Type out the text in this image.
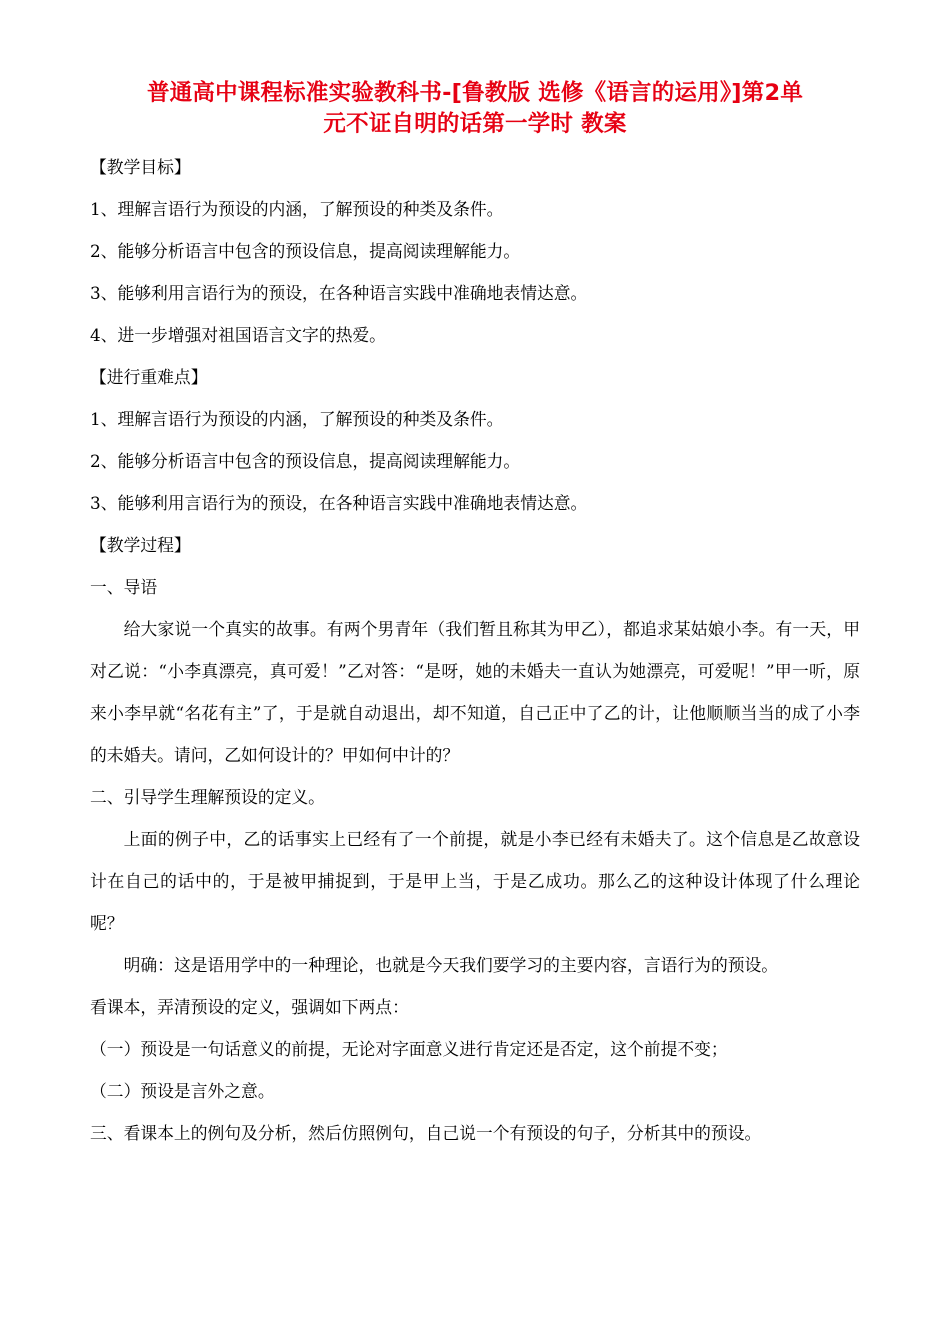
普通高中课程标准实验教科书-[鲁教版 选修《语言的运用》]第2单
元不证自明的话第一学时 教案

【教学目标】

1、理解言语行为预设的内涵，了解预设的种类及条件。

2、能够分析语言中包含的预设信息，提高阅读理解能力。

3、能够利用言语行为的预设，在各种语言实践中准确地表情达意。

4、进一步增强对祖国语言文字的热爱。

【进行重难点】

1、理解言语行为预设的内涵，了解预设的种类及条件。

2、能够分析语言中包含的预设信息，提高阅读理解能力。

3、能够利用言语行为的预设，在各种语言实践中准确地表情达意。

【教学过程】

一、导语

给大家说一个真实的故事。有两个男青年（我们暂且称其为甲乙），都追求某姑娘小李。有一天，甲对乙说：“小李真漂亮，真可爱！”乙对答：“是呀，她的未婚夫一直认为她漂亮，可爱呢！”甲一听，原来小李早就“名花有主”了，于是就自动退出，却不知道，自己正中了乙的计，让他顺顺当当的成了小李的未婚夫。请问，乙如何设计的？甲如何中计的？

二、引导学生理解预设的定义。

上面的例子中，乙的话事实上已经有了一个前提，就是小李已经有未婚夫了。这个信息是乙故意设计在自己的话中的，于是被甲捕捉到，于是甲上当，于是乙成功。那么乙的这种设计体现了什么理论呢？

明确：这是语用学中的一种理论，也就是今天我们要学习的主要内容，言语行为的预设。

看课本，弄清预设的定义，强调如下两点：

（一）预设是一句话意义的前提，无论对字面意义进行肯定还是否定，这个前提不变；

（二）预设是言外之意。

三、看课本上的例句及分析，然后仿照例句，自己说一个有预设的句子，分析其中的预设。
